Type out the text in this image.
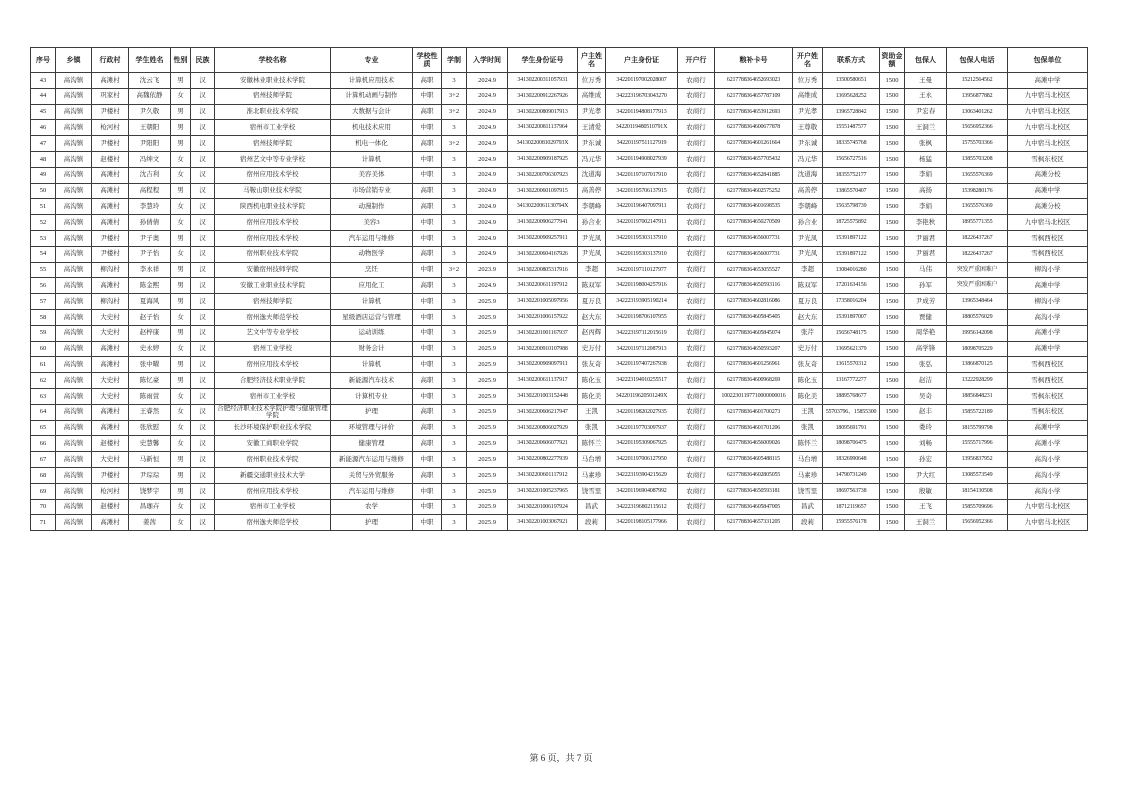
序号	乡镇	行政村	学生姓名	性别	民族	学校名称	专业	学校性质	学制	入学时间	学生身份证号	户主姓名	户主身份证	开户行	粮补卡号	开户姓名	联系方式	资助金额	包保人	包保人电话	包保单位
43	高沟镇	高滩村	沈云飞	男	汉	安徽林业职业技术学院	计算机应用技术	高职	3	2024.9	341302200311057931	位万秀	342201197002028007	农商行	6217788364652693023	位万秀	13500580651	1500	王曼	15212564562	高滩中学
44	高沟镇	巩家村	高魏依静	女	汉	宿州技师学院	计算机动画与制作	中职	3+2	2024.9	341302200912267926	高维成	342223196703043270	农商行	6217788364657787109	高维成	13695628252	1500	王永	13956877882	九中宿马北校区
45	高沟镇	尹楼村	尹久敬	男	汉	淮北职业技术学院	大数据与会计	高职	3+2	2024.9	341302200809017913	尹光孝	342201194808177913	农商行	6217788364653912693	尹光孝	13965728842	1500	尹宏春	13063401262	九中宿马北校区
46	高沟镇	枪河村	王朝阳	男	汉	宿州市工业学校	机电技术应用	中职	3	2024.9	341302200811137964	王清爱	34220119480510791X	农商行	6217788364600677878	王尊敬	15551487577	1500	王洞兰	15656952366	九中宿马北校区
47	高沟镇	尹楼村	尹阳阳	男	汉	宿州技师学院	机电一体化	高职	3+2	2024.9	34130220081029793X	尹东诚	342201197511127919	农商行	6217788364601261664	尹东诚	18335745768	1500	张枫	15755703366	九中宿马北校区
48	高沟镇	赵楼村	冯绅文	女	汉	宿州艺文中等专业学校	计算机	中职	3	2024.9	341302200909187925	冯元华	342201194908027939	农商行	6217788364657705432	冯元华	15656727516	1500	杨猛	13855703208	雪枫东校区
49	高沟镇	高滩村	沈吉利	女	汉	宿州应用技术学校	美容美体	中职	3	2024.9	341302200706307923	沈道海	342201197107017910	农商行	6217788364652841885	沈道海	18355752177	1500	李娟	13655576369	高滩分校
50	高沟镇	高滩村	高程程	男	汉	马鞍山职业技术学院	市场营销专业	高职	3	2024.9	341302200601097915	高善停	342201195706137915	农商行	6217788364602575252	高善停	13865570407	1500	高扬	15398280176	高滩中学
51	高沟镇	高滩村	李慧玲	女	汉	陕西机电职业技术学院	动漫制作	高职	3	2024.9	34130220061130794X	李朝峰	342201196407097911	农商行	6217788364601698535	李朝峰	15635798739	1500	李娟	13655576369	高滩分校
52	高沟镇	高滩村	孙倩倩	女	汉	宿州应用技术学校	美容3	中职	3	2024.9	341302200906277941	孙合业	342201197002147911	农商行	6217788364650270509	孙合业	18725575892	1500	李艳秋	18955771355	九中宿马北校区
53	高沟镇	尹楼村	尹子奥	男	汉	宿州应用技术学校	汽车运用与维修	中职	3	2024.9	341302200909257911	尹光凤	342201195303137910	农商行	6217788364656007731	尹光凤	15391897122	1500	尹丽君	18226437267	雪枫西校区
54	高沟镇	尹楼村	尹子怡	女	汉	宿州职业技术学院	动物医学	高职	3	2024.9	341302200604167926	尹光凤	342201195303137910	农商行	6217788364656007731	尹光凤	15391897122	1500	尹丽君	18226437267	雪枫西校区
55	高沟镇	柳沟村	李永祥	男	汉	安徽宿州技师学院	烹饪	中职	3+2	2023.9	341302200805317916	李超	342201197110127977	农商行	6217788364653055527	李超	13084016280	1500	马伟	突发严重困难户	柳沟小学
56	高沟镇	高滩村	陈金熙	男	汉	安徽工业职业技术学院	应用化工	高职	3	2024.9	341302200611197912	陈双军	342201198004257916	农商行	6217788364650593116	陈双军	17201634156	1500	孙军	突发严重困难户	高滩中学
57	高沟镇	柳沟村	夏海风	男	汉	宿州技师学院	计算机	中职	3	2025.9	341302201005097956	夏万良	342223193905190214	农商行	6217788364602816086	夏万良	17358016204	1500	尹成芳	13965348464	柳沟小学
58	高沟镇	大史村	赵子怡	女	汉	宿州逸夫师范学校	星级酒店运营与管理	中职	3	2025.9	341302201006157922	赵大东	342201198706107955	农商行	6217788364605845405	赵大东	15391897007	1500	贾健	18805576029	高沟小学
59	高沟镇	大史村	赵梓康	男	汉	艺文中等专业学校	运动训练	中职	3	2025.9	341302201001167937	赵丙辉	342223197112015619	农商行	6217788364605845074	张芹	15656748175	1500	周华艳	19956142098	高滩小学
60	高沟镇	高滩村	史永婷	女	汉	宿州工业学校	财务会计	中职	3	2025.9	341302200910107988	史万付	342201197112087913	农商行	6217788364650593207	史万付	13695621379	1500	高学锋	18098705229	高滩中学
61	高沟镇	高滩村	张中曜	男	汉	宿州应用技术学校	计算机	中职	3	2025.9	341302200909097911	张友奇	342201197407267938	农商行	6217788364601256961	张友奇	13615570312	1500	张弘	13866870125	雪枫西校区
62	高沟镇	大史村	陈忆豪	男	汉	合肥经济技术职业学院	新能源汽车技术	高职	3	2025.9	341302200611137917	陈化玉	342223194910255517	农商行	6217788364600968269	陈化玉	13167772277	1500	赵洁	13222928299	雪枫西校区
63	高沟镇	大史村	陈雨萱	女	汉	宿州市工业学校	计算机专业	中职	3	2025.9	341302201003152448	陈化美	34220119620501249X	农商行	10022301197710000000016	陈化美	18895768677	1500	吴奇	18856848231	雪枫东校区
64	高沟镇	高滩村	王睿然	女	汉	合肥经济职业技术学院护理与健康管理学院	护理	高职	3	2025.9	341302200606217947	王凯	342201198202027935	农商行	6217788364601700273	王凯	55703796、15855300	1500	赵丰	15855722189	雪枫东校区
65	高沟镇	高滩村	张欣慰	女	汉	长沙环境保护职业技术学院	环境管理与评价	高职	3	2025.9	341302200806027929	张凯	342201197703097937	农商行	6217788364601701206	张凯	18095691791	1500	娄玲	18155799798	高滩中学
66	高沟镇	赵楼村	史慧馨	女	汉	安徽工商职业学院	健康管理	高职	3	2025.9	341302200606077921	陈怀兰	342201195309067925	农商行	6217788364656009026	陈怀兰	18098706475	1500	刘畅	15555717996	高滩小学
67	高沟镇	大史村	马新恒	男	汉	宿州职业技术学院	新能源汽车运用与维修	中职	3	2025.9	341302200802277939	马台增	342201197006127950	农商行	6217788364605488115	马台增	18326990648	1500	孙宏	13956837952	高沟小学
68	高沟镇	尹楼村	尹琮琮	男	汉	新疆交通职业技术大学	关贸与外贸服务	高职	3	2025.9	341302200601117912	马素珍	342223193904215629	农商行	6217788364602805055	马素珍	14790731249	1500	尹大红	13085573549	高沟小学
69	高沟镇	枪河村	饶梦宇	男	汉	宿州应用技术学校	汽车运用与维修	中职	3	2025.9	341302201005237965	饶雪里	342201196904087992	农商行	6217788364650593181	饶雪里	18697563738	1500	殷敏	18154130508	高沟小学
70	高沟镇	赵楼村	昌珈卉	女	汉	宿州市工业学校	农学	中职	3	2025.9	341302201006197924	昌武	342223196802115612	农商行	6217788364605847005	昌武	18712119657	1500	王飞	15855709696	九中宿马北校区
71	高沟镇	高滩村	姜茜	女	汉	宿州逸夫师范学校	护理	中职	3	2025.9	341302201003067921	段莉	342201198105177966	农商行	6217788364657331205	段莉	15955576178	1500	王洞兰	15656952366	九中宿马北校区
第 6 页，共 7 页
